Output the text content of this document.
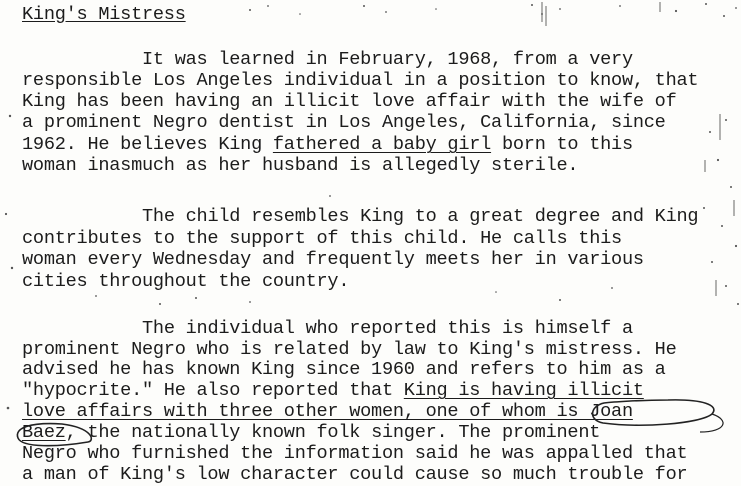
King's Mistress
It was learned in February, 1968, from a very
responsible Los Angeles individual in a position to know, that
King has been having an illicit love affair with the wife of
a prominent Negro dentist in Los Angeles, California, since
1962. He believes King fathered a baby girl born to this
woman inasmuch as her husband is allegedly sterile.
The child resembles King to a great degree and King
contributes to the support of this child. He calls this
woman every Wednesday and frequently meets her in various
cities throughout the country.
The individual who reported this is himself a
prominent Negro who is related by law to King's mistress. He
advised he has known King since 1960 and refers to him as a
"hypocrite." He also reported that King is having illicit
love affairs with three other women, one of whom is Joan
Baez, the nationally known folk singer. The prominent
Negro who furnished the information said he was appalled that
a man of King's low character could cause so much trouble for
